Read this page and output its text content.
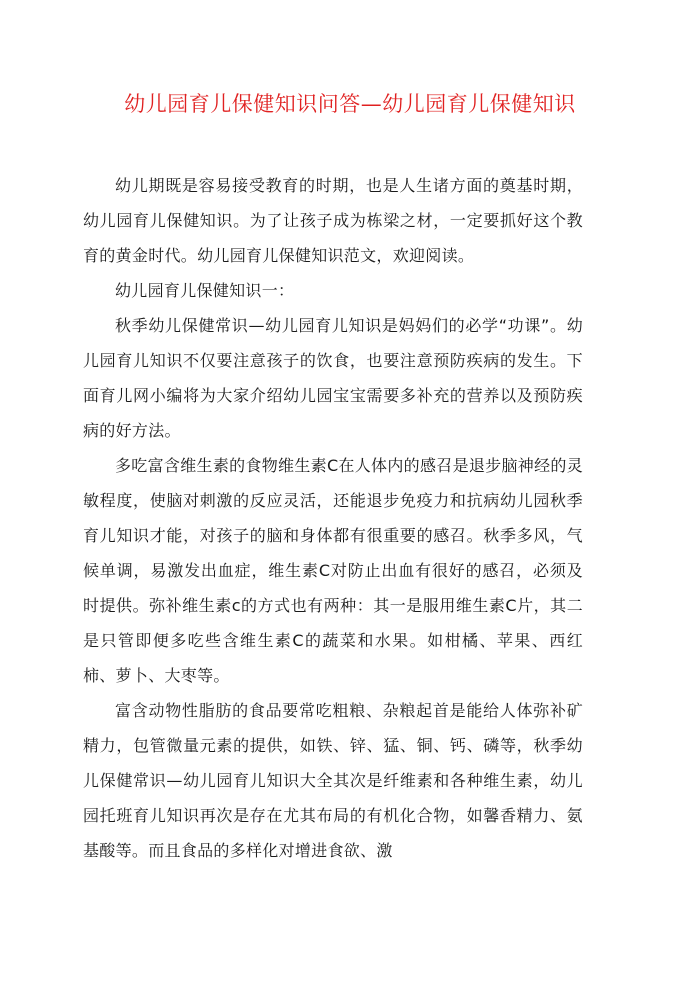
幼儿园育儿保健知识问答—幼儿园育儿保健知识

幼儿期既是容易接受教育的时期，也是人生诸方面的奠基时期，幼儿园育儿保健知识。为了让孩子成为栋梁之材，一定要抓好这个教育的黄金时代。幼儿园育儿保健知识范文，欢迎阅读。

幼儿园育儿保健知识一：

秋季幼儿保健常识—幼儿园育儿知识是妈妈们的必学“功课”。幼儿园育儿知识不仅要注意孩子的饮食，也要注意预防疾病的发生。下面育儿网小编将为大家介绍幼儿园宝宝需要多补充的营养以及预防疾病的好方法。

多吃富含维生素的食物维生素C在人体内的感召是退步脑神经的灵敏程度，使脑对刺激的反应灵活，还能退步免疫力和抗病幼儿园秋季育儿知识才能，对孩子的脑和身体都有很重要的感召。秋季多风，气候单调，易激发出血症，维生素C对防止出血有很好的感召，必须及时提供。弥补维生素c的方式也有两种：其一是服用维生素C片，其二是只管即便多吃些含维生素C的蔬菜和水果。如柑橘、苹果、西红柿、萝卜、大枣等。

富含动物性脂肪的食品要常吃粗粮、杂粮起首是能给人体弥补矿精力，包管微量元素的提供，如铁、锌、猛、铜、钙、磷等，秋季幼儿保健常识—幼儿园育儿知识大全其次是纤维素和各种维生素，幼儿园托班育儿知识再次是存在尤其布局的有机化合物，如馨香精力、氨基酸等。而且食品的多样化对增进食欲、激
